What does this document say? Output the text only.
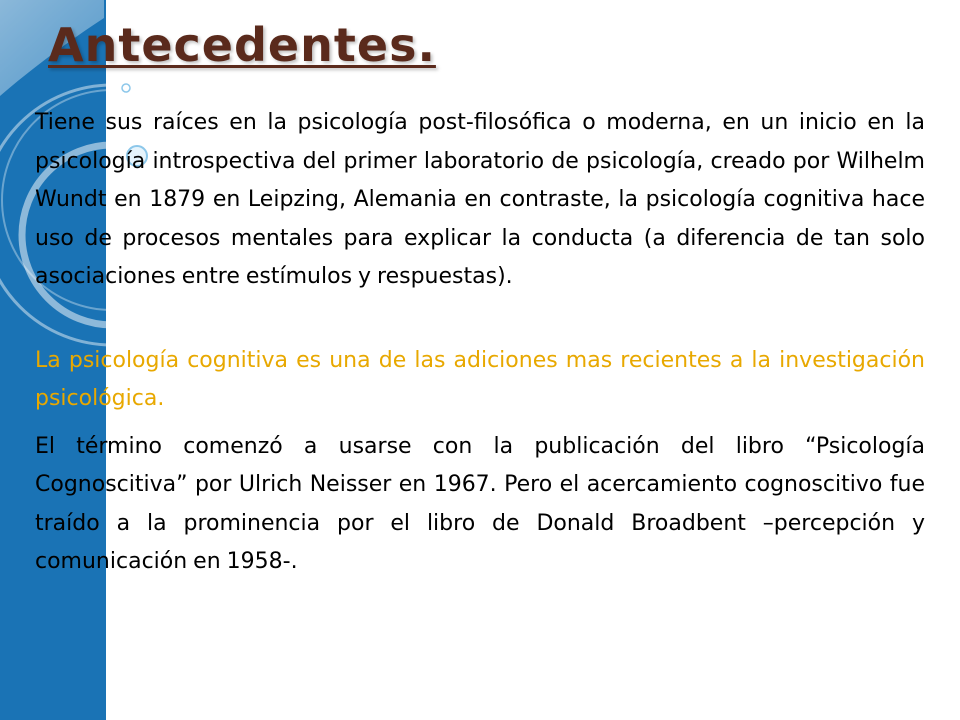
Antecedentes.

Tiene sus raíces en la psicología post-filosófica o moderna, en un inicio en la psicología introspectiva del primer laboratorio de psicología, creado por Wilhelm Wundt en 1879 en Leipzing, Alemania en contraste, la psicología cognitiva hace uso de procesos mentales para explicar la conducta (a diferencia de tan solo asociaciones entre estímulos y respuestas).

La psicología cognitiva es una de las adiciones mas recientes a la investigación psicológica.

El término comenzó a usarse con la publicación del libro “Psicología Cognoscitiva” por Ulrich Neisser en 1967. Pero el acercamiento cognoscitivo fue traído a la prominencia por el libro de Donald Broadbent –percepción y comunicación en 1958-.
